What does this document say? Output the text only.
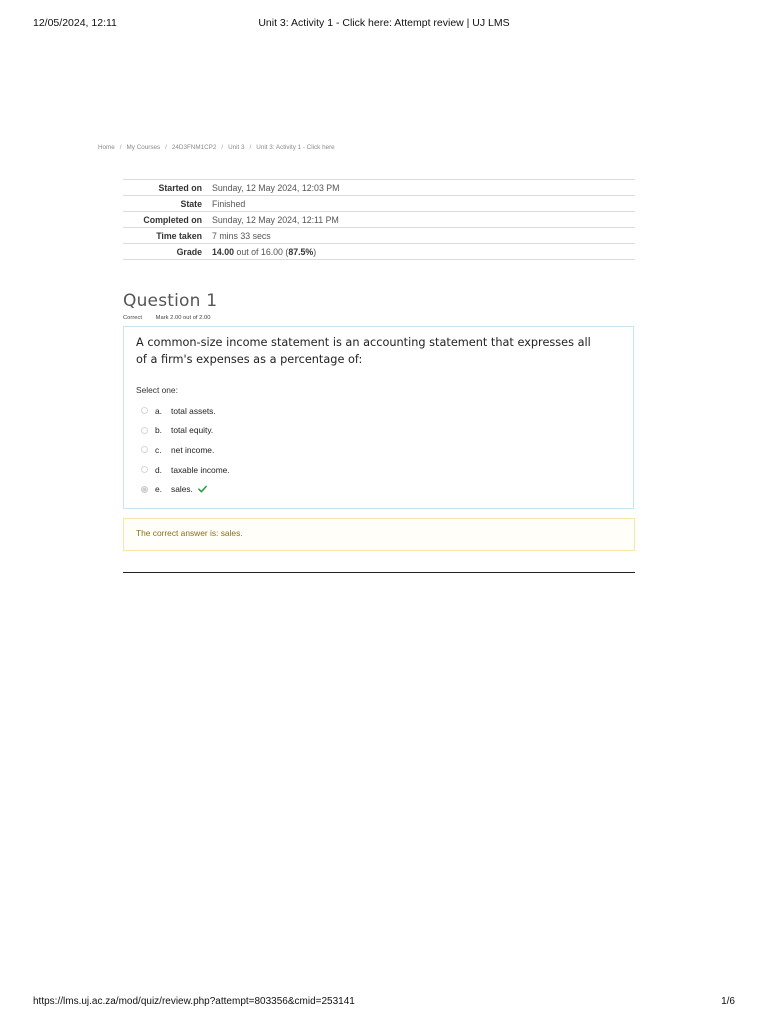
12/05/2024, 12:11	Unit 3: Activity 1 - Click here: Attempt review | UJ LMS
Home / My Courses / 24D3FNM1CP2 / Unit 3 / Unit 3: Activity 1 - Click here
Started on	Sunday, 12 May 2024, 12:03 PM
State	Finished
Completed on	Sunday, 12 May 2024, 12:11 PM
Time taken	7 mins 33 secs
Grade	14.00 out of 16.00 (87.5%)
Question 1
Correct Mark 2.00 out of 2.00
A common-size income statement is an accounting statement that expresses all of a firm's expenses as a percentage of:
Select one:
a.	total assets.
b.	total equity.
c.	net income.
d.	taxable income.
e.	sales.
The correct answer is: sales.
https://lms.uj.ac.za/mod/quiz/review.php?attempt=803356&cmid=253141	1/6
